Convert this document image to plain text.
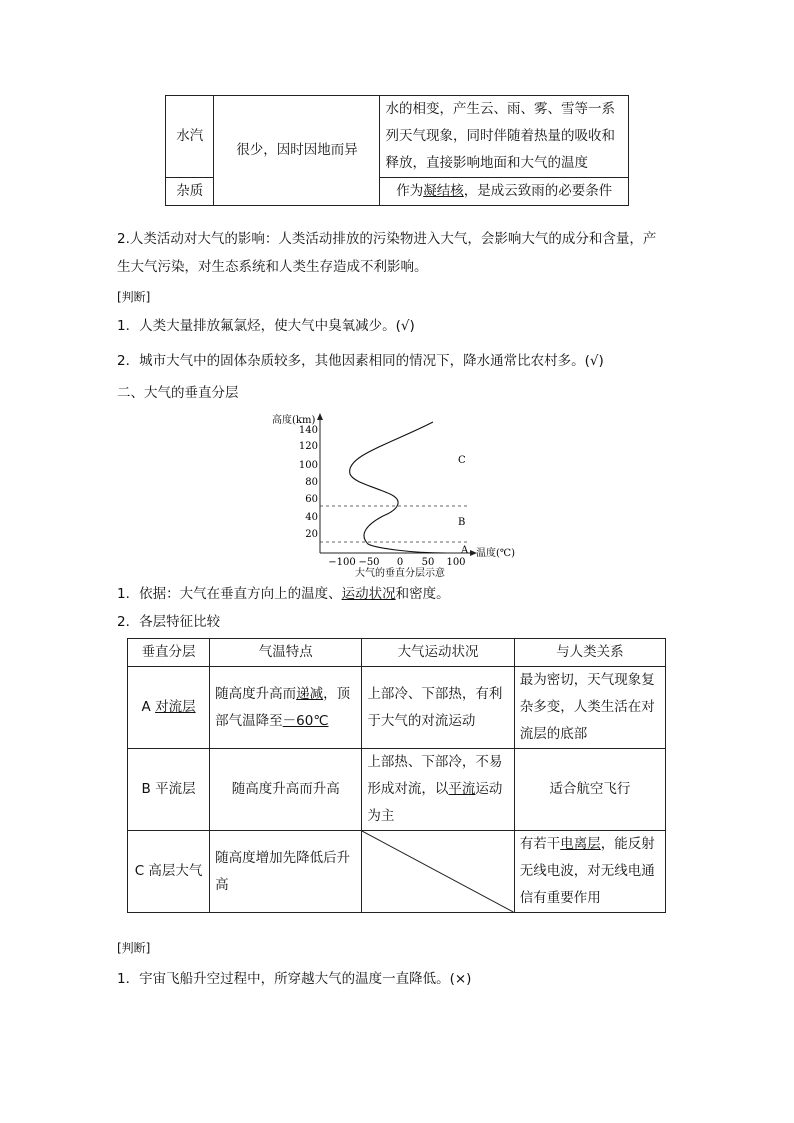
水汽	很少，因时因地而异	水的相变，产生云、雨、雾、雪等一系列天气现象，同时伴随着热量的吸收和释放，直接影响地面和大气的温度
杂质		作为凝结核，是成云致雨的必要条件
2.人类活动对大气的影响：人类活动排放的污染物进入大气，会影响大气的成分和含量，产
生大气污染，对生态系统和人类生存造成不利影响。
[判断]
1．人类大量排放氟氯烃，使大气中臭氧减少。(√)
2．城市大气中的固体杂质较多，其他因素相同的情况下，降水通常比农村多。(√)
二、大气的垂直分层
高度(km)
140
120
100
80
60
40
20
−100 −50 0 50 100
温度(℃)
C
B
A
大气的垂直分层示意
1．依据：大气在垂直方向上的温度、运动状况和密度。
2．各层特征比较
垂直分层	气温特点	大气运动状况	与人类关系
A 对流层	随高度升高而递减，顶部气温降至－60℃	上部冷、下部热，有利于大气的对流运动	最为密切，天气现象复杂多变，人类生活在对流层的底部
B 平流层	随高度升高而升高	上部热、下部冷，不易形成对流，以平流运动为主	适合航空飞行
C 高层大气	随高度增加先降低后升高		有若干电离层，能反射无线电波，对无线电通信有重要作用
[判断]
1．宇宙飞船升空过程中，所穿越大气的温度一直降低。(×)
